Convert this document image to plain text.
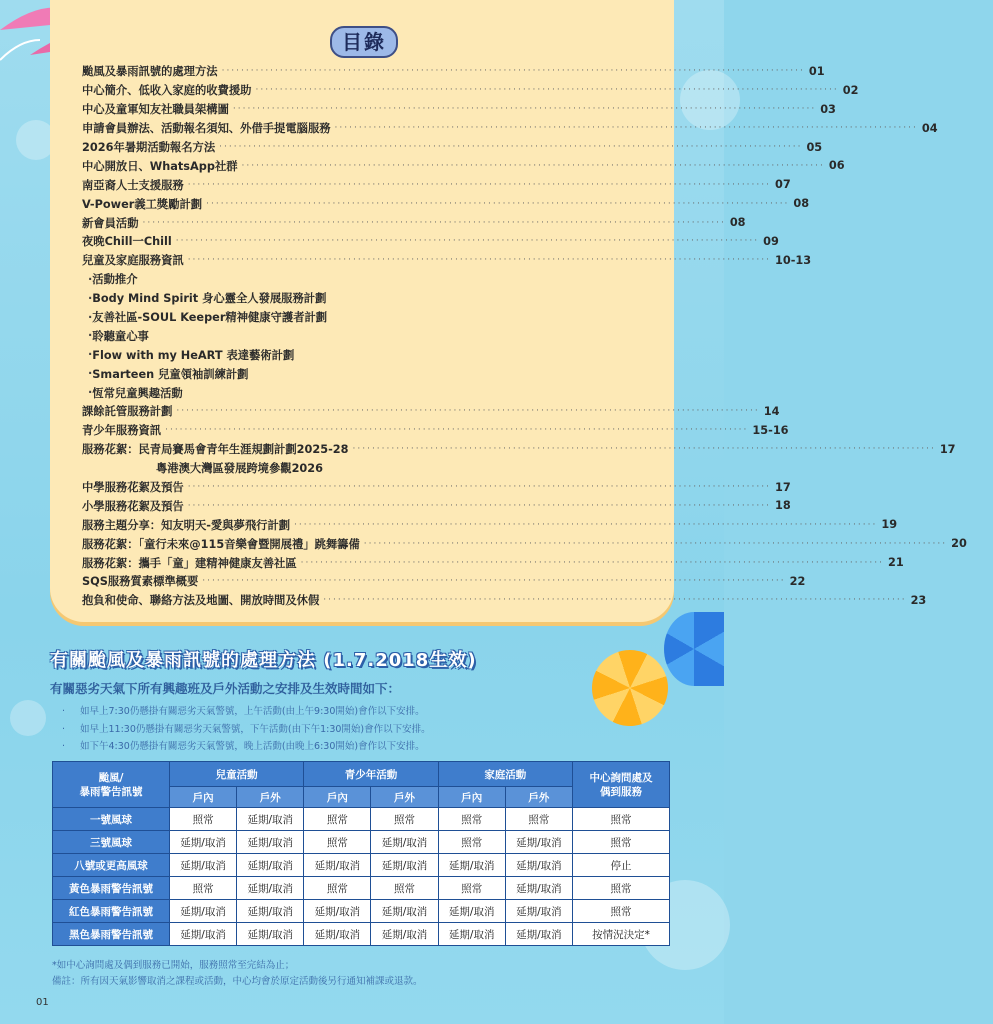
目錄
颱風及暴雨訊號的處理方法 ························································································································ 01
中心簡介、低收入家庭的收費援助 ························································································································ 02
中心及童軍知友社職員架構圖 ························································································································ 03
申請會員辦法、活動報名須知、外借手提電腦服務 ························································································································ 04
2026年暑期活動報名方法 ························································································································ 05
中心開放日、WhatsApp社群 ························································································································ 06
南亞裔人士支援服務 ························································································································ 07
V-Power義工獎勵計劃 ························································································································ 08
新會員活動 ························································································································ 08
夜晚Chill一Chill ························································································································ 09
兒童及家庭服務資訊 ························································································································ 10-13
· 活動推介
· Body Mind Spirit 身心靈全人發展服務計劃
· 友善社區-SOUL Keeper精神健康守護者計劃
· 聆聽童心事
· Flow with my HeART 表達藝術計劃
· Smarteen 兒童領袖訓練計劃
· 恆常兒童興趣活動
課餘託管服務計劃 ························································································································ 14
青少年服務資訊 ························································································································ 15-16
服務花絮：民青局賽馬會青年生涯規劃計劃2025-28 ························································································································ 17
粵港澳大灣區發展跨境參觀2026
中學服務花絮及預告 ························································································································ 17
小學服務花絮及預告 ························································································································ 18
服務主題分享：知友明天-愛與夢飛行計劃 ························································································································ 19
服務花絮：「童行未來@115音樂會暨開展禮」跳舞籌備 ························································································································ 20
服務花絮：攜手「童」建精神健康友善社區 ························································································································ 21
SQS服務質素標準概要 ························································································································ 22
抱負和使命、聯絡方法及地圖、開放時間及休假 ························································································································ 23
有關颱風及暴雨訊號的處理方法 (1.7.2018生效)
有關惡劣天氣下所有興趣班及戶外活動之安排及生效時間如下：
· 如早上7:30仍懸掛有關惡劣天氣警號，上午活動(由上午9:30開始)會作以下安排。
· 如早上11:30仍懸掛有關惡劣天氣警號，下午活動(由下午1:30開始)會作以下安排。
· 如下午4:30仍懸掛有關惡劣天氣警號，晚上活動(由晚上6:30開始)會作以下安排。
颱風/
暴雨警告訊號	兒童活動		青少年活動		家庭活動		中心詢問處及
偶到服務
	戶內	戶外	戶內	戶外	戶內	戶外	
一號風球	照常	延期/取消	照常	照常	照常	照常	照常
三號風球	延期/取消	延期/取消	照常	延期/取消	照常	延期/取消	照常
八號或更高風球	延期/取消	延期/取消	延期/取消	延期/取消	延期/取消	延期/取消	停止
黃色暴雨警告訊號	照常	延期/取消	照常	照常	照常	延期/取消	照常
紅色暴雨警告訊號	延期/取消	延期/取消	延期/取消	延期/取消	延期/取消	延期/取消	照常
黑色暴雨警告訊號	延期/取消	延期/取消	延期/取消	延期/取消	延期/取消	延期/取消	按情況決定*
*如中心詢問處及偶到服務已開始，服務照常至完結為止；
備註：所有因天氣影響取消之課程或活動，中心均會於原定活動後另行通知補課或退款。
01
